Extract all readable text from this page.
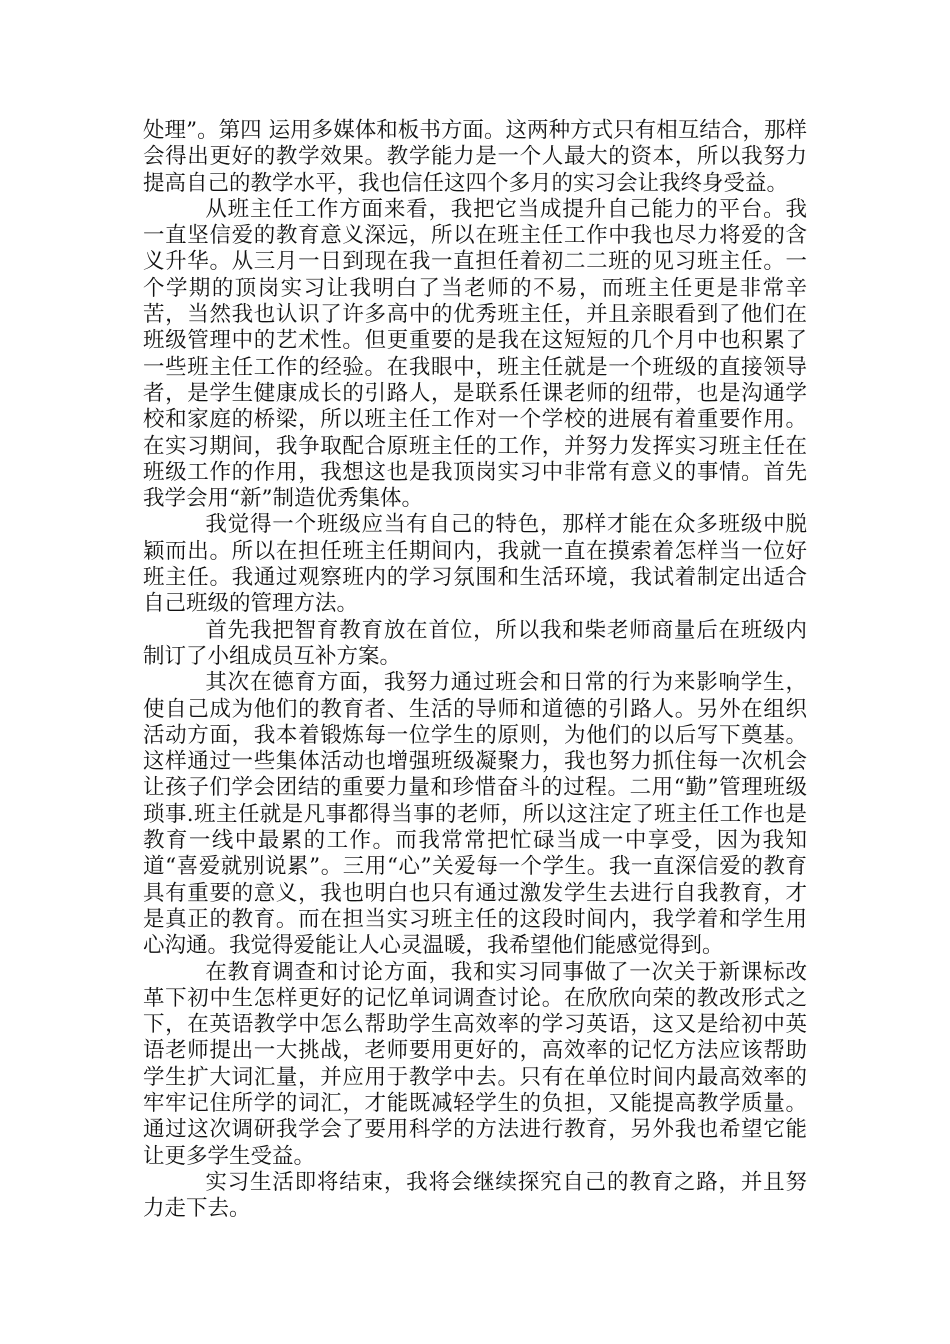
处理”。第四 运用多媒体和板书方面。这两种方式只有相互结合，那样会得出更好的教学效果。教学能力是一个人最大的资本，所以我努力提高自己的教学水平，我也信任这四个多月的实习会让我终身受益。

从班主任工作方面来看，我把它当成提升自己能力的平台。我一直坚信爱的教育意义深远，所以在班主任工作中我也尽力将爱的含义升华。从三月一日到现在我一直担任着初二二班的见习班主任。一个学期的顶岗实习让我明白了当老师的不易，而班主任更是非常辛苦，当然我也认识了许多高中的优秀班主任，并且亲眼看到了他们在班级管理中的艺术性。但更重要的是我在这短短的几个月中也积累了一些班主任工作的经验。在我眼中，班主任就是一个班级的直接领导者，是学生健康成长的引路人，是联系任课老师的纽带，也是沟通学校和家庭的桥梁，所以班主任工作对一个学校的进展有着重要作用。在实习期间，我争取配合原班主任的工作，并努力发挥实习班主任在班级工作的作用，我想这也是我顶岗实习中非常有意义的事情。首先我学会用“新”制造优秀集体。

我觉得一个班级应当有自己的特色，那样才能在众多班级中脱颖而出。所以在担任班主任期间内，我就一直在摸索着怎样当一位好班主任。我通过观察班内的学习氛围和生活环境，我试着制定出适合自己班级的管理方法。

首先我把智育教育放在首位，所以我和柴老师商量后在班级内制订了小组成员互补方案。

其次在德育方面，我努力通过班会和日常的行为来影响学生，使自己成为他们的教育者、生活的导师和道德的引路人。另外在组织活动方面，我本着锻炼每一位学生的原则，为他们的以后写下奠基。这样通过一些集体活动也增强班级凝聚力，我也努力抓住每一次机会让孩子们学会团结的重要力量和珍惜奋斗的过程。二用“勤”管理班级琐事.班主任就是凡事都得当事的老师，所以这注定了班主任工作也是教育一线中最累的工作。而我常常把忙碌当成一中享受，因为我知道“喜爱就别说累”。三用“心”关爱每一个学生。我一直深信爱的教育具有重要的意义，我也明白也只有通过激发学生去进行自我教育，才是真正的教育。而在担当实习班主任的这段时间内，我学着和学生用心沟通。我觉得爱能让人心灵温暖，我希望他们能感觉得到。

在教育调查和讨论方面，我和实习同事做了一次关于新课标改革下初中生怎样更好的记忆单词调查讨论。在欣欣向荣的教改形式之下，在英语教学中怎么帮助学生高效率的学习英语，这又是给初中英语老师提出一大挑战，老师要用更好的，高效率的记忆方法应该帮助学生扩大词汇量，并应用于教学中去。只有在单位时间内最高效率的牢牢记住所学的词汇，才能既减轻学生的负担，又能提高教学质量。通过这次调研我学会了要用科学的方法进行教育，另外我也希望它能让更多学生受益。

实习生活即将结束，我将会继续探究自己的教育之路，并且努力走下去。
